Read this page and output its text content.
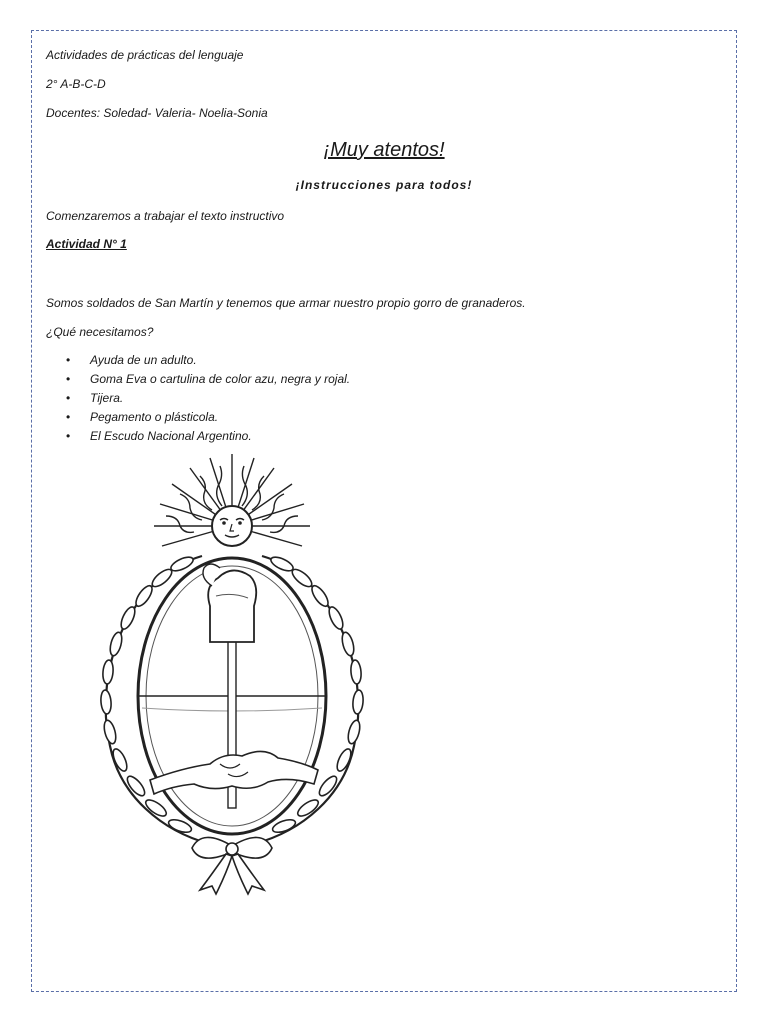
Actividades de prácticas del lenguaje
2° A-B-C-D
Docentes: Soledad- Valeria- Noelia-Sonia
¡Muy atentos!
¡Instrucciones para todos!
Comenzaremos a trabajar el texto instructivo
Actividad N° 1
Somos soldados de San Martín y tenemos que armar nuestro propio gorro de granaderos.
¿Qué necesitamos?
• Ayuda de un adulto.
• Goma Eva o cartulina de color azu, negra y rojal.
• Tijera.
• Pegamento o plásticola.
• El Escudo Nacional Argentino.
